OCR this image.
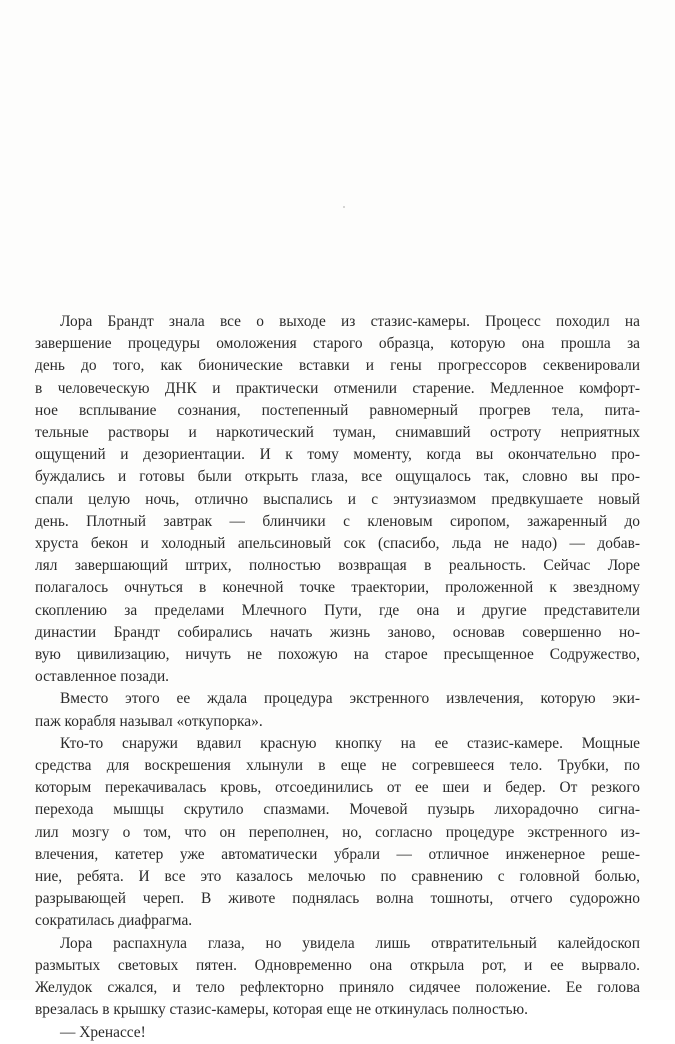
Лора Брандт знала все о выходе из стазис-камеры. Процесс походил на
завершение процедуры омоложения старого образца, которую она прошла за
день до того, как бионические вставки и гены прогрессоров секвенировали
в человеческую ДНК и практически отменили старение. Медленное комфорт-
ное всплывание сознания, постепенный равномерный прогрев тела, пита-
тельные растворы и наркотический туман, снимавший остроту неприятных
ощущений и дезориентации. И к тому моменту, когда вы окончательно про-
буждались и готовы были открыть глаза, все ощущалось так, словно вы про-
спали целую ночь, отлично выспались и с энтузиазмом предвкушаете новый
день. Плотный завтрак — блинчики с кленовым сиропом, зажаренный до
хруста бекон и холодный апельсиновый сок (спасибо, льда не надо) — добав-
лял завершающий штрих, полностью возвращая в реальность. Сейчас Лоре
полагалось очнуться в конечной точке траектории, проложенной к звездному
скоплению за пределами Млечного Пути, где она и другие представители
династии Брандт собирались начать жизнь заново, основав совершенно но-
вую цивилизацию, ничуть не похожую на старое пресыщенное Содружество,
оставленное позади.

Вместо этого ее ждала процедура экстренного извлечения, которую эки-
паж корабля называл «откупорка».

Кто-то снаружи вдавил красную кнопку на ее стазис-камере. Мощные
средства для воскрешения хлынули в еще не согревшееся тело. Трубки, по
которым перекачивалась кровь, отсоединились от ее шеи и бедер. От резкого
перехода мышцы скрутило спазмами. Мочевой пузырь лихорадочно сигна-
лил мозгу о том, что он переполнен, но, согласно процедуре экстренного из-
влечения, катетер уже автоматически убрали — отличное инженерное реше-
ние, ребята. И все это казалось мелочью по сравнению с головной болью,
разрывающей череп. В животе поднялась волна тошноты, отчего судорожно
сократилась диафрагма.

Лора распахнула глаза, но увидела лишь отвратительный калейдоскоп
размытых световых пятен. Одновременно она открыла рот, и ее вырвало.
Желудок сжался, и тело рефлекторно приняло сидячее положение. Ее голова
врезалась в крышку стазис-камеры, которая еще не откинулась полностью.

— Хренассе!
